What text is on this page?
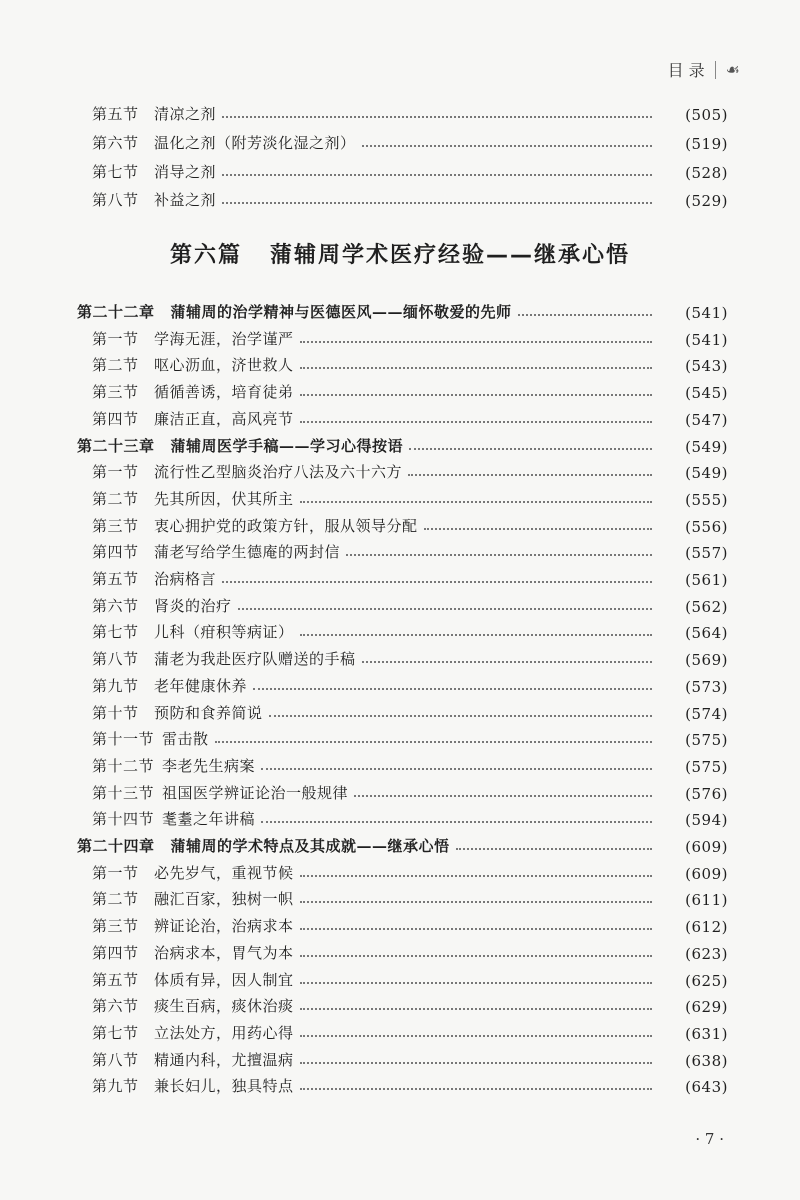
目 录 ☙
第五节	清凉之剂	(505)
第六节	温化之剂（附芳淡化湿之剂）	(519)
第七节	消导之剂	(528)
第八节	补益之剂	(529)
第六篇 蒲辅周学术医疗经验——继承心悟
第二十二章 蒲辅周的治学精神与医德医风——缅怀敬爱的先师	(541)
第一节	学海无涯，治学谨严	(541)
第二节	呕心沥血，济世救人	(543)
第三节	循循善诱，培育徒弟	(545)
第四节	廉洁正直，高风亮节	(547)
第二十三章 蒲辅周医学手稿——学习心得按语	(549)
第一节	流行性乙型脑炎治疗八法及六十六方	(549)
第二节	先其所因，伏其所主	(555)
第三节	衷心拥护党的政策方针，服从领导分配	(556)
第四节	蒲老写给学生德庵的两封信	(557)
第五节	治病格言	(561)
第六节	肾炎的治疗	(562)
第七节	儿科（疳积等病证）	(564)
第八节	蒲老为我赴医疗队赠送的手稿	(569)
第九节	老年健康休养	(573)
第十节	预防和食养简说	(574)
第十一节 雷击散	(575)
第十二节 李老先生病案	(575)
第十三节 祖国医学辨证论治一般规律	(576)
第十四节 耄耋之年讲稿	(594)
第二十四章 蒲辅周的学术特点及其成就——继承心悟	(609)
第一节	必先岁气，重视节候	(609)
第二节	融汇百家，独树一帜	(611)
第三节	辨证论治，治病求本	(612)
第四节	治病求本，胃气为本	(623)
第五节	体质有异，因人制宜	(625)
第六节	痰生百病，痰休治痰	(629)
第七节	立法处方，用药心得	(631)
第八节	精通内科，尤擅温病	(638)
第九节	兼长妇儿，独具特点	(643)
· 7 ·
